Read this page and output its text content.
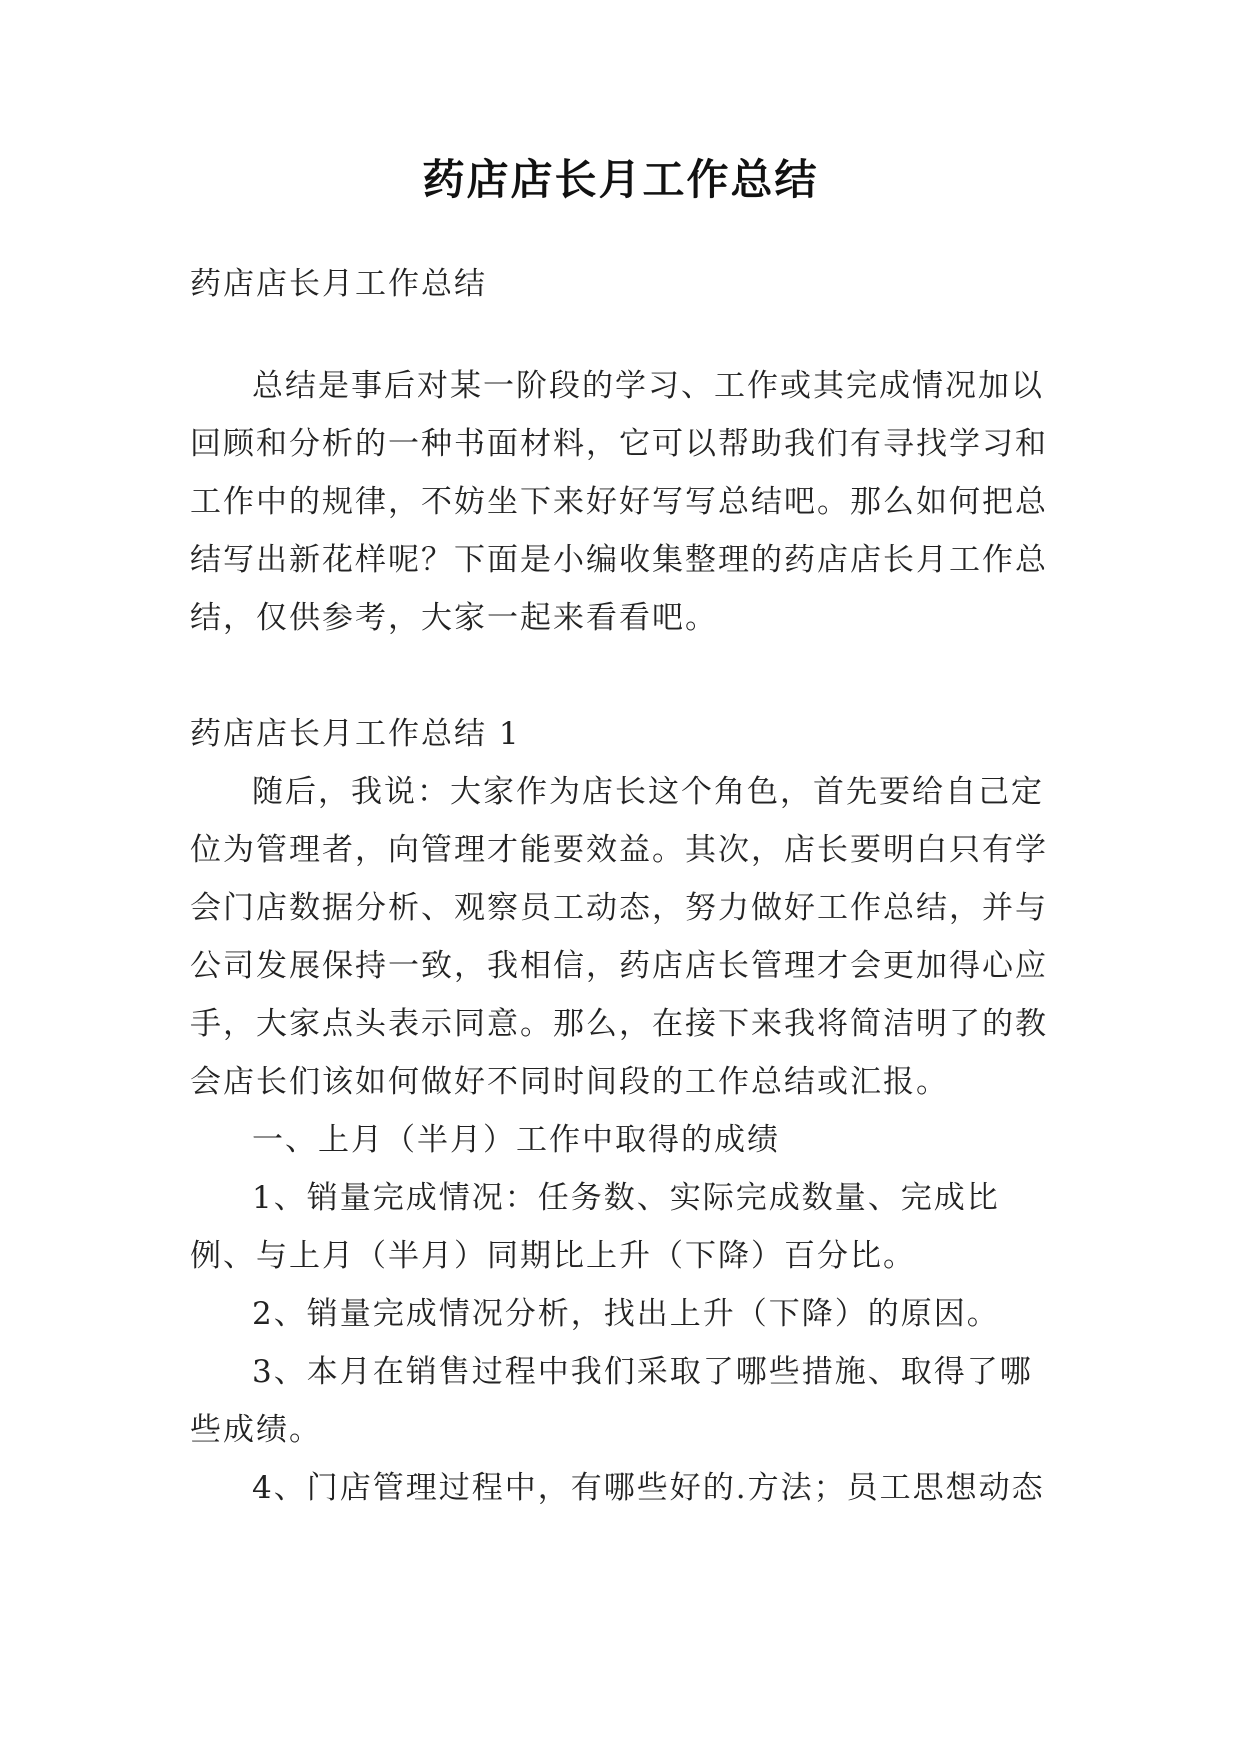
药店店长月工作总结

药店店长月工作总结

总结是事后对某一阶段的学习、工作或其完成情况加以回顾和分析的一种书面材料，它可以帮助我们有寻找学习和工作中的规律，不妨坐下来好好写写总结吧。那么如何把总结写出新花样呢？下面是小编收集整理的药店店长月工作总结，仅供参考，大家一起来看看吧。

药店店长月工作总结 1

随后，我说：大家作为店长这个角色，首先要给自己定位为管理者，向管理才能要效益。其次，店长要明白只有学会门店数据分析、观察员工动态，努力做好工作总结，并与公司发展保持一致，我相信，药店店长管理才会更加得心应手，大家点头表示同意。那么，在接下来我将简洁明了的教会店长们该如何做好不同时间段的工作总结或汇报。

一、上月（半月）工作中取得的成绩

1、销量完成情况：任务数、实际完成数量、完成比例、与上月（半月）同期比上升（下降）百分比。

2、销量完成情况分析，找出上升（下降）的原因。

3、本月在销售过程中我们采取了哪些措施、取得了哪些成绩。

4、门店管理过程中，有哪些好的.方法；员工思想动态
